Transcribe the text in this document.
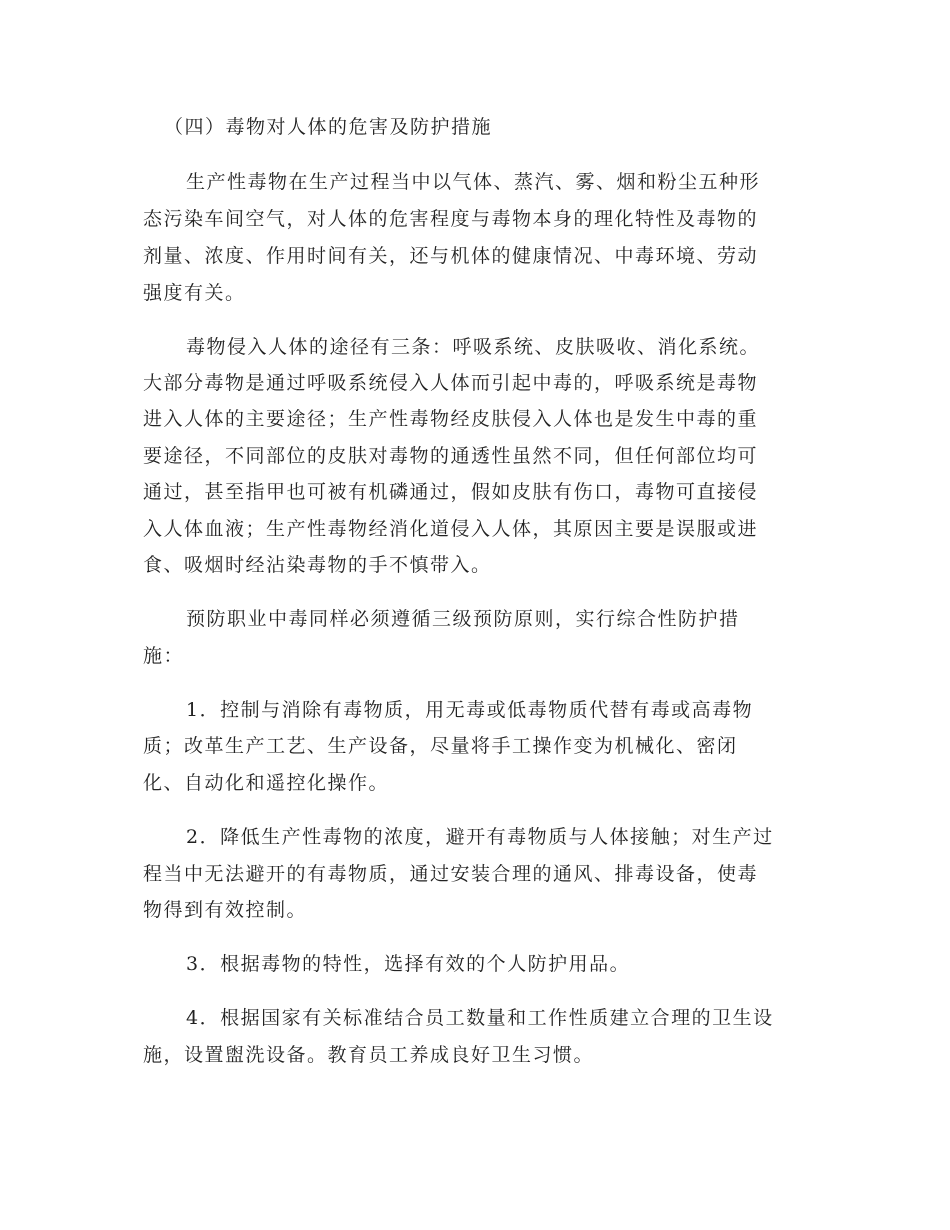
（四）毒物对人体的危害及防护措施
生产性毒物在生产过程当中以气体、蒸汽、雾、烟和粉尘五种形
态污染车间空气，对人体的危害程度与毒物本身的理化特性及毒物的
剂量、浓度、作用时间有关，还与机体的健康情况、中毒环境、劳动
强度有关。
毒物侵入人体的途径有三条：呼吸系统、皮肤吸收、消化系统。
大部分毒物是通过呼吸系统侵入人体而引起中毒的，呼吸系统是毒物
进入人体的主要途径；生产性毒物经皮肤侵入人体也是发生中毒的重
要途径，不同部位的皮肤对毒物的通透性虽然不同，但任何部位均可
通过，甚至指甲也可被有机磷通过，假如皮肤有伤口，毒物可直接侵
入人体血液；生产性毒物经消化道侵入人体，其原因主要是误服或进
食、吸烟时经沾染毒物的手不慎带入。
预防职业中毒同样必须遵循三级预防原则，实行综合性防护措
施：
1．控制与消除有毒物质，用无毒或低毒物质代替有毒或高毒物
质；改革生产工艺、生产设备，尽量将手工操作变为机械化、密闭
化、自动化和遥控化操作。
2．降低生产性毒物的浓度，避开有毒物质与人体接触；对生产过
程当中无法避开的有毒物质，通过安装合理的通风、排毒设备，使毒
物得到有效控制。
3．根据毒物的特性，选择有效的个人防护用品。
4．根据国家有关标准结合员工数量和工作性质建立合理的卫生设
施，设置盥洗设备。教育员工养成良好卫生习惯。
